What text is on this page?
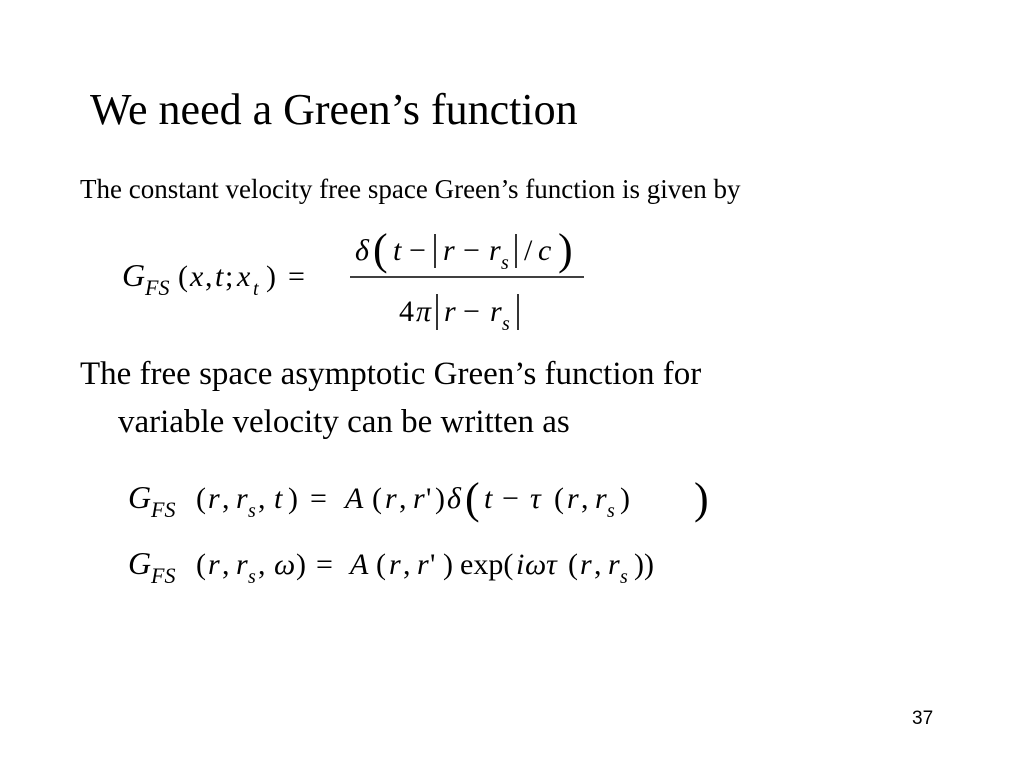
We need a Green’s function
The constant velocity free space Green’s function is given by
G FS ( x , t ; x t ) =
δ ( t − r − r s / c )
4 π r − r s
The free space asymptotic Green’s function for
variable velocity can be written as
G FS ( r , r s , t ) = A ( r , r ' ) δ ( t − τ ( r , r s ) )
G FS ( r , r s , ω ) = A ( r , r ' ) exp( i ω τ ( r , r s ))
37
